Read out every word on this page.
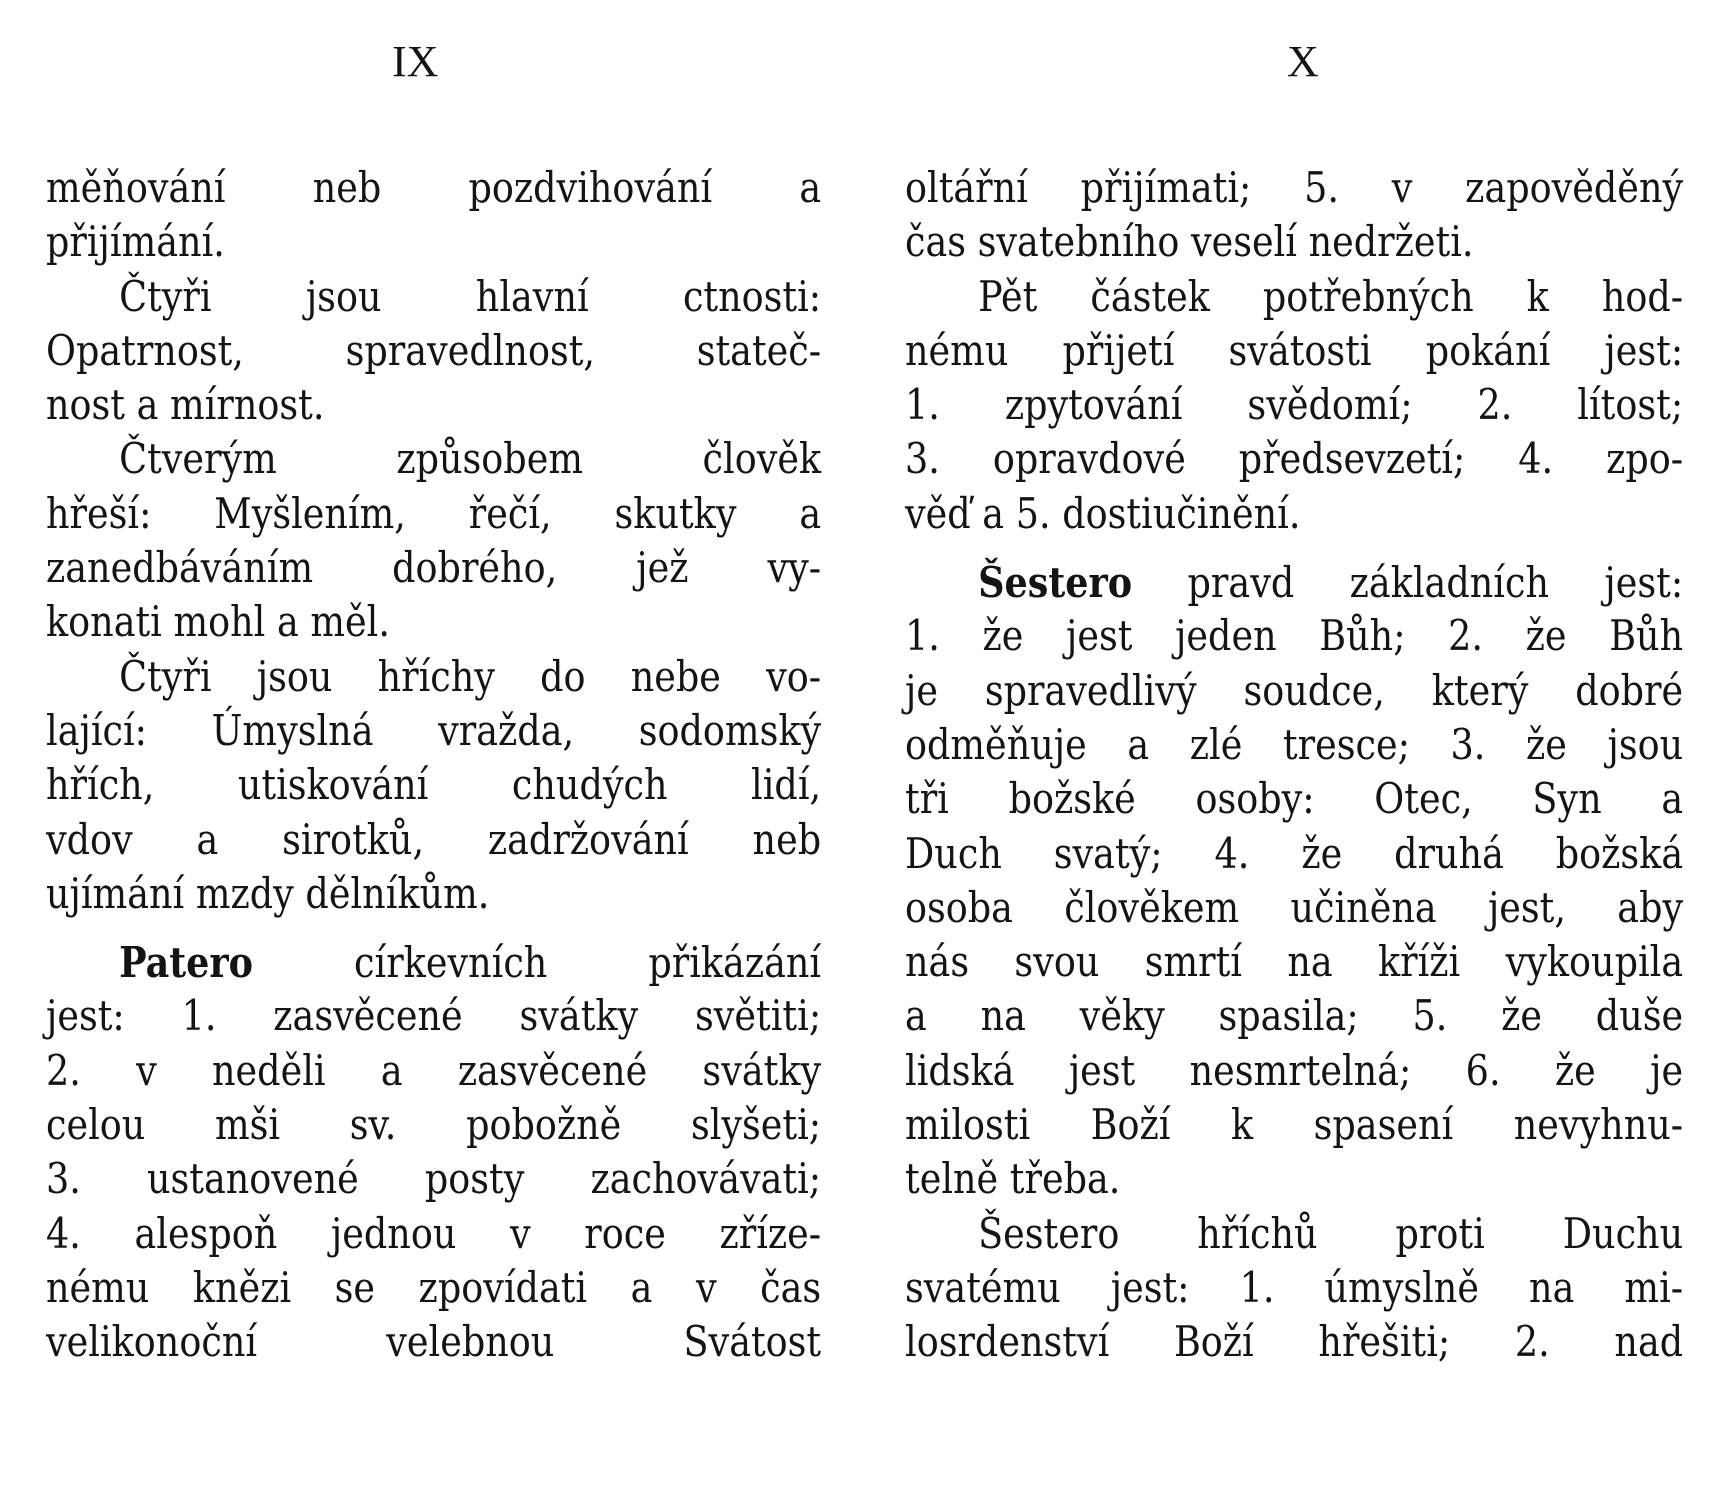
IX
měňování neb pozdvihování a
přijímání.
Čtyři jsou hlavní ctnosti:
Opatrnost, spravedlnost, stateč-
nost a mírnost.
Čtverým způsobem člověk
hřeší: Myšlením, řečí, skutky a
zanedbáváním dobrého, jež vy-
konati mohl a měl.
Čtyři jsou hříchy do nebe vo-
lající: Úmyslná vražda, sodomský
hřích, utiskování chudých lidí,
vdov a sirotků, zadržování neb
ujímání mzdy dělníkům.
Patero církevních přikázání
jest: 1. zasvěcené svátky světiti;
2. v neděli a zasvěcené svátky
celou mši sv. pobožně slyšeti;
3. ustanovené posty zachovávati;
4. alespoň jednou v roce zříze-
nému knězi se zpovídati a v čas
velikonoční velebnou Svátost
X
oltářní přijímati; 5. v zapověděný
čas svatebního veselí nedržeti.
Pět částek potřebných k hod-
nému přijetí svátosti pokání jest:
1. zpytování svědomí; 2. lítost;
3. opravdové předsevzetí; 4. zpo-
věď a 5. dostiučinění.
Šestero pravd základních jest:
1. že jest jeden Bůh; 2. že Bůh
je spravedlivý soudce, který dobré
odměňuje a zlé tresce; 3. že jsou
tři božské osoby: Otec, Syn a
Duch svatý; 4. že druhá božská
osoba člověkem učiněna jest, aby
nás svou smrtí na kříži vykoupila
a na věky spasila; 5. že duše
lidská jest nesmrtelná; 6. že je
milosti Boží k spasení nevyhnu-
telně třeba.
Šestero hříchů proti Duchu
svatému jest: 1. úmyslně na mi-
losrdenství Boží hřešiti; 2. nad
